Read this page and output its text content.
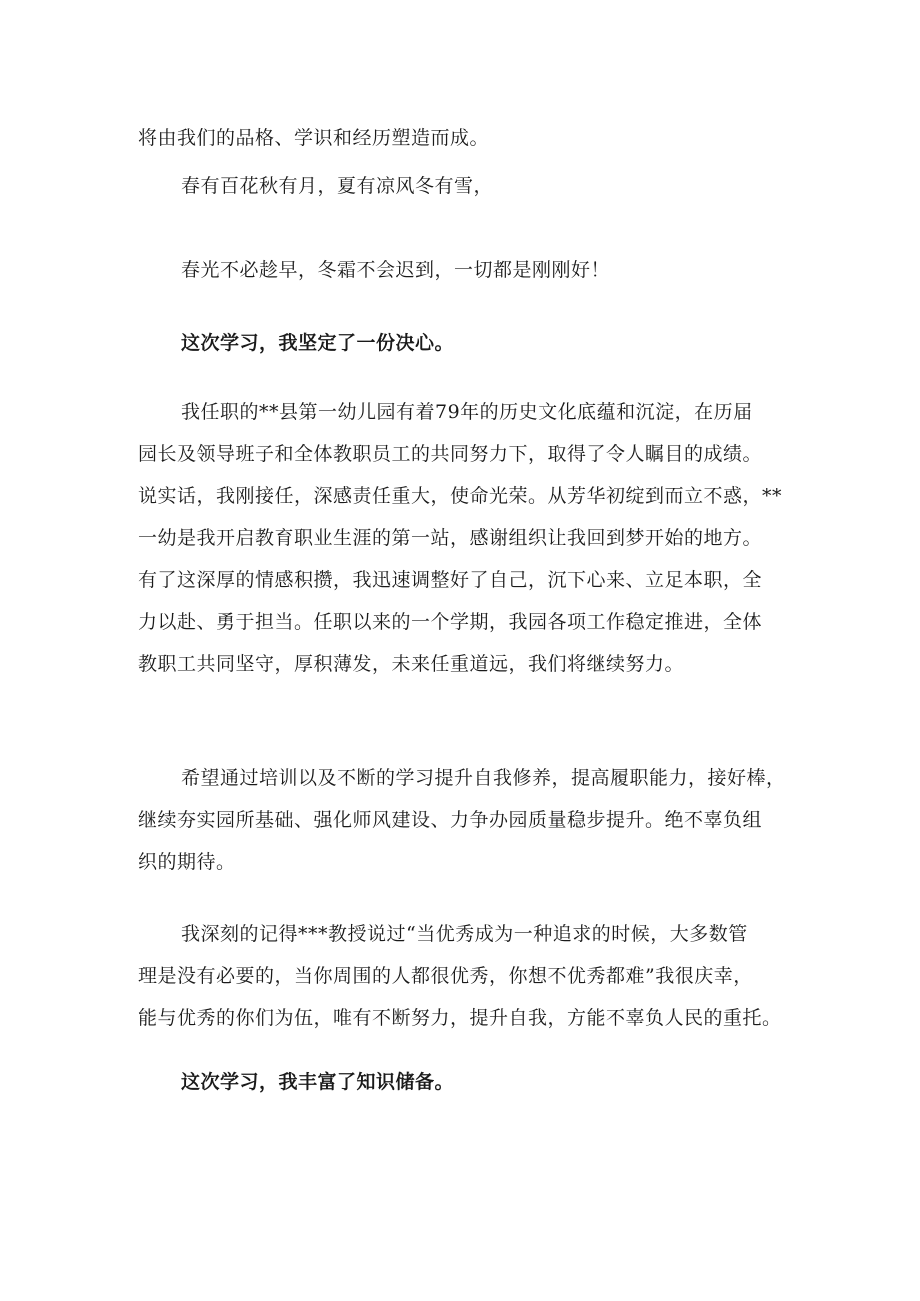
将由我们的品格、学识和经历塑造而成。

春有百花秋有月，夏有凉风冬有雪，

春光不必趁早，冬霜不会迟到，一切都是刚刚好！

这次学习，我坚定了一份决心。

我任职的**县第一幼儿园有着79年的历史文化底蕴和沉淀，在历届
园长及领导班子和全体教职员工的共同努力下，取得了令人瞩目的成绩。
说实话，我刚接任，深感责任重大，使命光荣。从芳华初绽到而立不惑，**
一幼是我开启教育职业生涯的第一站，感谢组织让我回到梦开始的地方。
有了这深厚的情感积攒，我迅速调整好了自己，沉下心来、立足本职，全
力以赴、勇于担当。任职以来的一个学期，我园各项工作稳定推进，全体
教职工共同坚守，厚积薄发，未来任重道远，我们将继续努力。

希望通过培训以及不断的学习提升自我修养，提高履职能力，接好棒，
继续夯实园所基础、强化师风建设、力争办园质量稳步提升。绝不辜负组
织的期待。

我深刻的记得***教授说过“当优秀成为一种追求的时候，大多数管
理是没有必要的，当你周围的人都很优秀，你想不优秀都难”我很庆幸，
能与优秀的你们为伍，唯有不断努力，提升自我，方能不辜负人民的重托。

这次学习，我丰富了知识储备。
